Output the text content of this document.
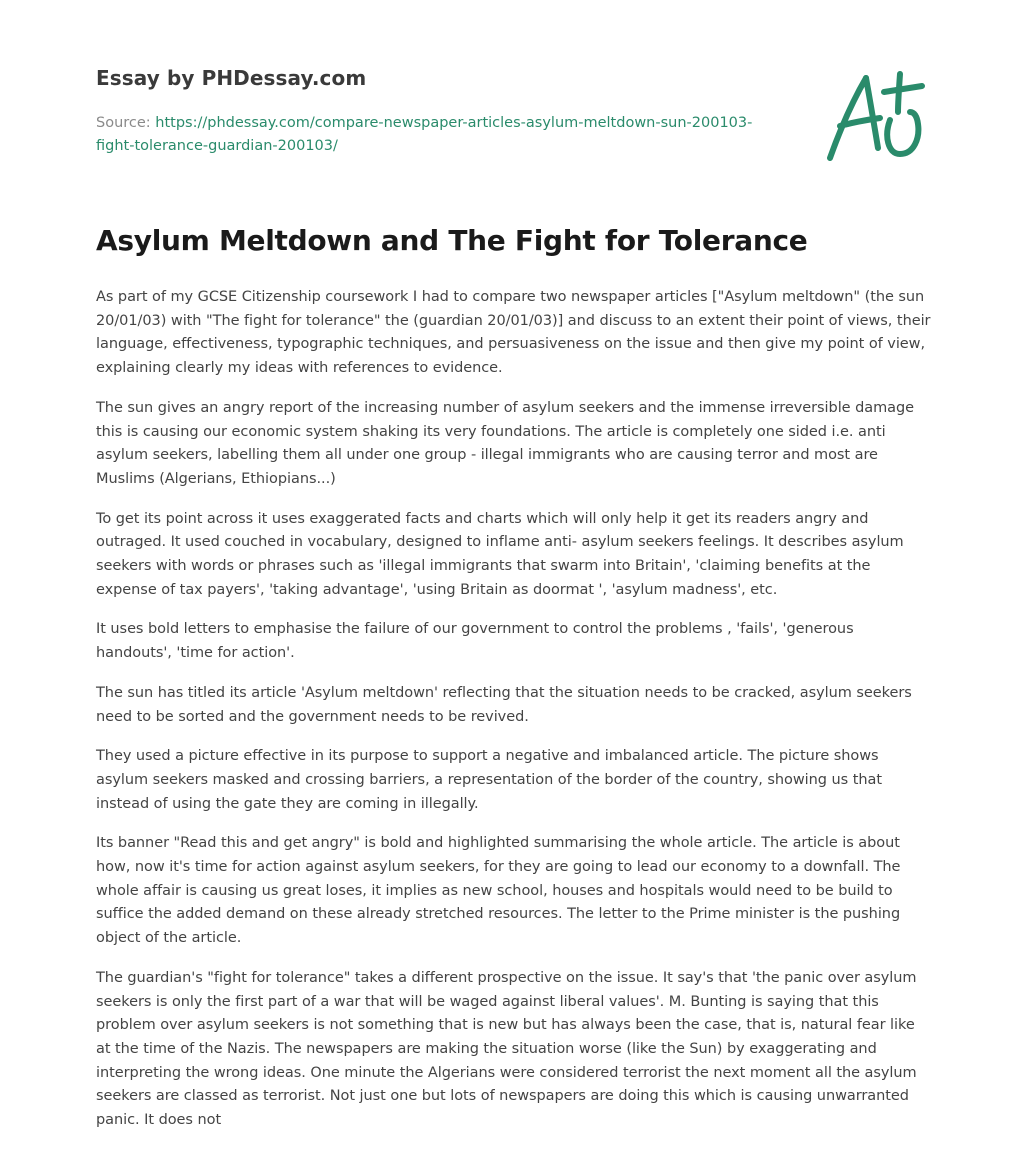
Essay by PHDessay.com
Source: https://phdessay.com/compare-newspaper-articles-asylum-meltdown-sun-200103-fight-tolerance-guardian-200103/
Asylum Meltdown and The Fight for Tolerance

As part of my GCSE Citizenship coursework I had to compare two newspaper articles ["Asylum meltdown" (the sun 20/01/03) with "The fight for tolerance" the (guardian 20/01/03)] and discuss to an extent their point of views, their language, effectiveness, typographic techniques, and persuasiveness on the issue and then give my point of view, explaining clearly my ideas with references to evidence.

The sun gives an angry report of the increasing number of asylum seekers and the immense irreversible damage this is causing our economic system shaking its very foundations. The article is completely one sided i.e. anti asylum seekers, labelling them all under one group - illegal immigrants who are causing terror and most are Muslims (Algerians, Ethiopians...)

To get its point across it uses exaggerated facts and charts which will only help it get its readers angry and outraged. It used couched in vocabulary, designed to inflame anti- asylum seekers feelings. It describes asylum seekers with words or phrases such as 'illegal immigrants that swarm into Britain', 'claiming benefits at the expense of tax payers', 'taking advantage', 'using Britain as doormat ', 'asylum madness', etc.

It uses bold letters to emphasise the failure of our government to control the problems , 'fails', 'generous handouts', 'time for action'.

The sun has titled its article 'Asylum meltdown' reflecting that the situation needs to be cracked, asylum seekers need to be sorted and the government needs to be revived.

They used a picture effective in its purpose to support a negative and imbalanced article. The picture shows asylum seekers masked and crossing barriers, a representation of the border of the country, showing us that instead of using the gate they are coming in illegally.

Its banner "Read this and get angry" is bold and highlighted summarising the whole article. The article is about how, now it's time for action against asylum seekers, for they are going to lead our economy to a downfall. The whole affair is causing us great loses, it implies as new school, houses and hospitals would need to be build to suffice the added demand on these already stretched resources. The letter to the Prime minister is the pushing object of the article.

The guardian's "fight for tolerance" takes a different prospective on the issue. It say's that 'the panic over asylum seekers is only the first part of a war that will be waged against liberal values'. M. Bunting is saying that this problem over asylum seekers is not something that is new but has always been the case, that is, natural fear like at the time of the Nazis. The newspapers are making the situation worse (like the Sun) by exaggerating and interpreting the wrong ideas. One minute the Algerians were considered terrorist the next moment all the asylum seekers are classed as terrorist. Not just one but lots of newspapers are doing this which is causing unwarranted panic. It does not
